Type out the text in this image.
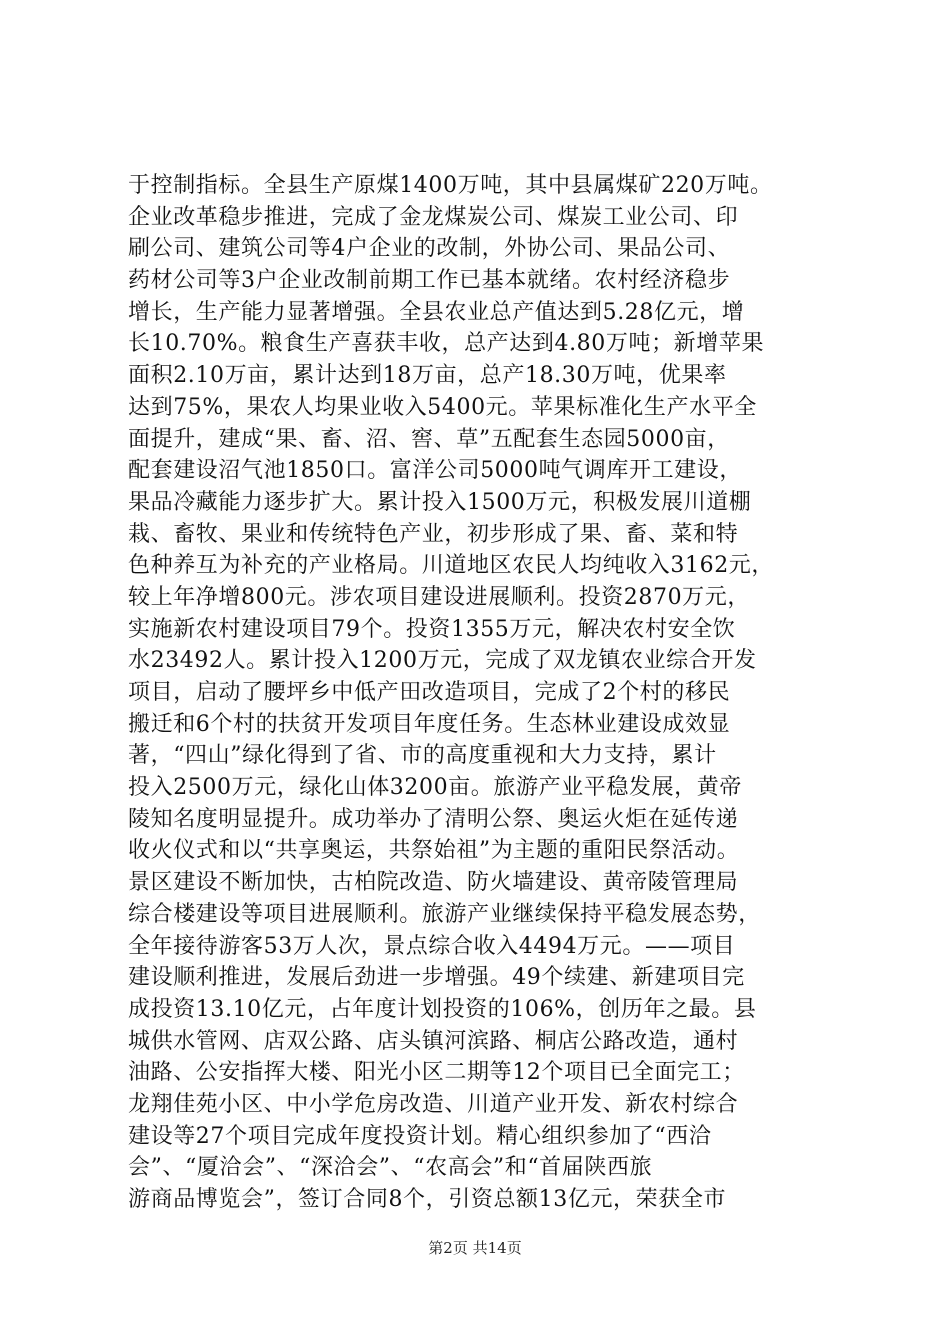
于控制指标。全县生产原煤1400万吨，其中县属煤矿220万吨。
企业改革稳步推进，完成了金龙煤炭公司、煤炭工业公司、印
刷公司、建筑公司等4户企业的改制，外协公司、果品公司、
药材公司等3户企业改制前期工作已基本就绪。农村经济稳步
增长，生产能力显著增强。全县农业总产值达到5.28亿元，增
长10.70%。粮食生产喜获丰收，总产达到4.80万吨；新增苹果
面积2.10万亩，累计达到18万亩，总产18.30万吨，优果率
达到75%，果农人均果业收入5400元。苹果标准化生产水平全
面提升，建成“果、畜、沼、窖、草”五配套生态园5000亩，
配套建设沼气池1850口。富洋公司5000吨气调库开工建设，
果品冷藏能力逐步扩大。累计投入1500万元，积极发展川道棚
栽、畜牧、果业和传统特色产业，初步形成了果、畜、菜和特
色种养互为补充的产业格局。川道地区农民人均纯收入3162元，
较上年净增800元。涉农项目建设进展顺利。投资2870万元，
实施新农村建设项目79个。投资1355万元，解决农村安全饮
水23492人。累计投入1200万元，完成了双龙镇农业综合开发
项目，启动了腰坪乡中低产田改造项目，完成了2个村的移民
搬迁和6个村的扶贫开发项目年度任务。生态林业建设成效显
著，“四山”绿化得到了省、市的高度重视和大力支持，累计
投入2500万元，绿化山体3200亩。旅游产业平稳发展，黄帝
陵知名度明显提升。成功举办了清明公祭、奥运火炬在延传递
收火仪式和以“共享奥运，共祭始祖”为主题的重阳民祭活动。
景区建设不断加快，古柏院改造、防火墙建设、黄帝陵管理局
综合楼建设等项目进展顺利。旅游产业继续保持平稳发展态势，
全年接待游客53万人次，景点综合收入4494万元。——项目
建设顺利推进，发展后劲进一步增强。49个续建、新建项目完
成投资13.10亿元，占年度计划投资的106%，创历年之最。县
城供水管网、店双公路、店头镇河滨路、桐店公路改造，通村
油路、公安指挥大楼、阳光小区二期等12个项目已全面完工；
龙翔佳苑小区、中小学危房改造、川道产业开发、新农村综合
建设等27个项目完成年度投资计划。精心组织参加了“西洽
会”、“厦洽会”、“深洽会”、“农高会”和“首届陕西旅
游商品博览会”，签订合同8个，引资总额13亿元，荣获全市
第2页 共14页
